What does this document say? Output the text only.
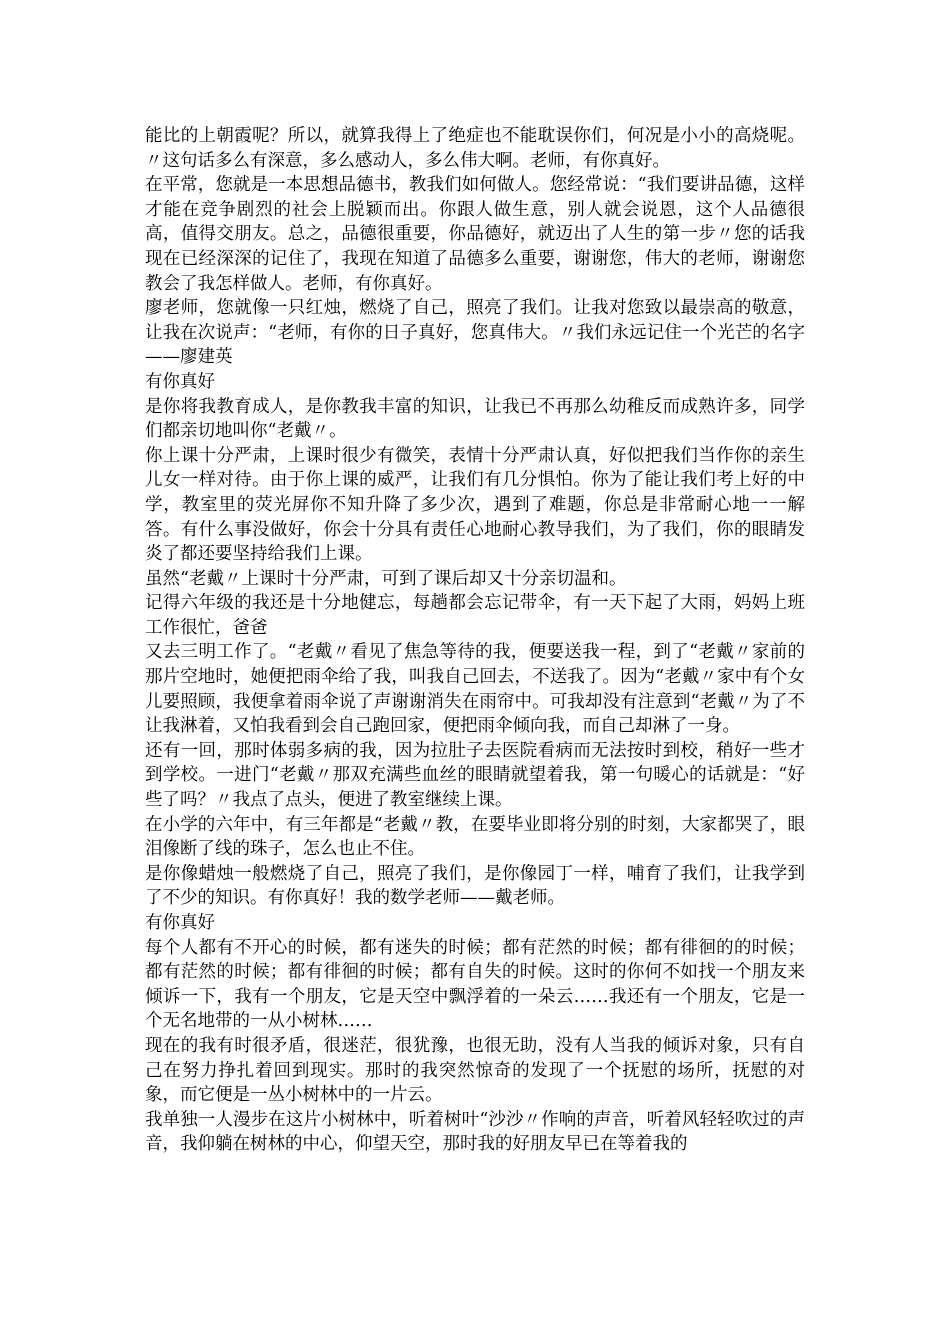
能比的上朝霞呢？所以，就算我得上了绝症也不能耽误你们，何况是小小的高烧呢。〃这句话多么有深意，多么感动人，多么伟大啊。老师，有你真好。

在平常，您就是一本思想品德书，教我们如何做人。您经常说：“我们要讲品德，这样才能在竞争剧烈的社会上脱颖而出。你跟人做生意，别人就会说恩，这个人品德很高，值得交朋友。总之，品德很重要，你品德好，就迈出了人生的第一步〃您的话我现在已经深深的记住了，我现在知道了品德多么重要，谢谢您，伟大的老师，谢谢您教会了我怎样做人。老师，有你真好。

廖老师，您就像一只红烛，燃烧了自己，照亮了我们。让我对您致以最崇高的敬意，让我在次说声：“老师，有你的日子真好，您真伟大。〃我们永远记住一个光芒的名字——廖建英

有你真好

是你将我教育成人，是你教我丰富的知识，让我已不再那么幼稚反而成熟许多，同学们都亲切地叫你“老戴〃。

你上课十分严肃，上课时很少有微笑，表情十分严肃认真，好似把我们当作你的亲生儿女一样对待。由于你上课的威严，让我们有几分惧怕。你为了能让我们考上好的中学，教室里的荧光屏你不知升降了多少次，遇到了难题，你总是非常耐心地一一解答。有什么事没做好，你会十分具有责任心地耐心教导我们，为了我们，你的眼睛发炎了都还要坚持给我们上课。

虽然“老戴〃上课时十分严肃，可到了课后却又十分亲切温和。

记得六年级的我还是十分地健忘，每趟都会忘记带伞，有一天下起了大雨，妈妈上班工作很忙，爸爸

又去三明工作了。“老戴〃看见了焦急等待的我，便要送我一程，到了“老戴〃家前的那片空地时，她便把雨伞给了我，叫我自己回去，不送我了。因为“老戴〃家中有个女儿要照顾，我便拿着雨伞说了声谢谢消失在雨帘中。可我却没有注意到“老戴〃为了不让我淋着，又怕我看到会自己跑回家，便把雨伞倾向我，而自己却淋了一身。

还有一回，那时体弱多病的我，因为拉肚子去医院看病而无法按时到校，稍好一些才到学校。一进门“老戴〃那双充满些血丝的眼睛就望着我，第一句暖心的话就是：“好些了吗？〃我点了点头，便进了教室继续上课。

在小学的六年中，有三年都是“老戴〃教，在要毕业即将分别的时刻，大家都哭了，眼泪像断了线的珠子，怎么也止不住。

是你像蜡烛一般燃烧了自己，照亮了我们，是你像园丁一样，哺育了我们，让我学到了不少的知识。有你真好！我的数学老师——戴老师。

有你真好

每个人都有不开心的时候，都有迷失的时候；都有茫然的时候；都有徘徊的的时候；都有茫然的时候；都有徘徊的时候；都有自失的时候。这时的你何不如找一个朋友来倾诉一下，我有一个朋友，它是天空中飘浮着的一朵云……我还有一个朋友，它是一个无名地带的一从小树林……

现在的我有时很矛盾，很迷茫，很犹豫，也很无助，没有人当我的倾诉对象，只有自己在努力挣扎着回到现实。那时的我突然惊奇的发现了一个抚慰的场所，抚慰的对象，而它便是一丛小树林中的一片云。

我单独一人漫步在这片小树林中，听着树叶“沙沙〃作响的声音，听着风轻轻吹过的声音，我仰躺在树林的中心，仰望天空，那时我的好朋友早已在等着我的
